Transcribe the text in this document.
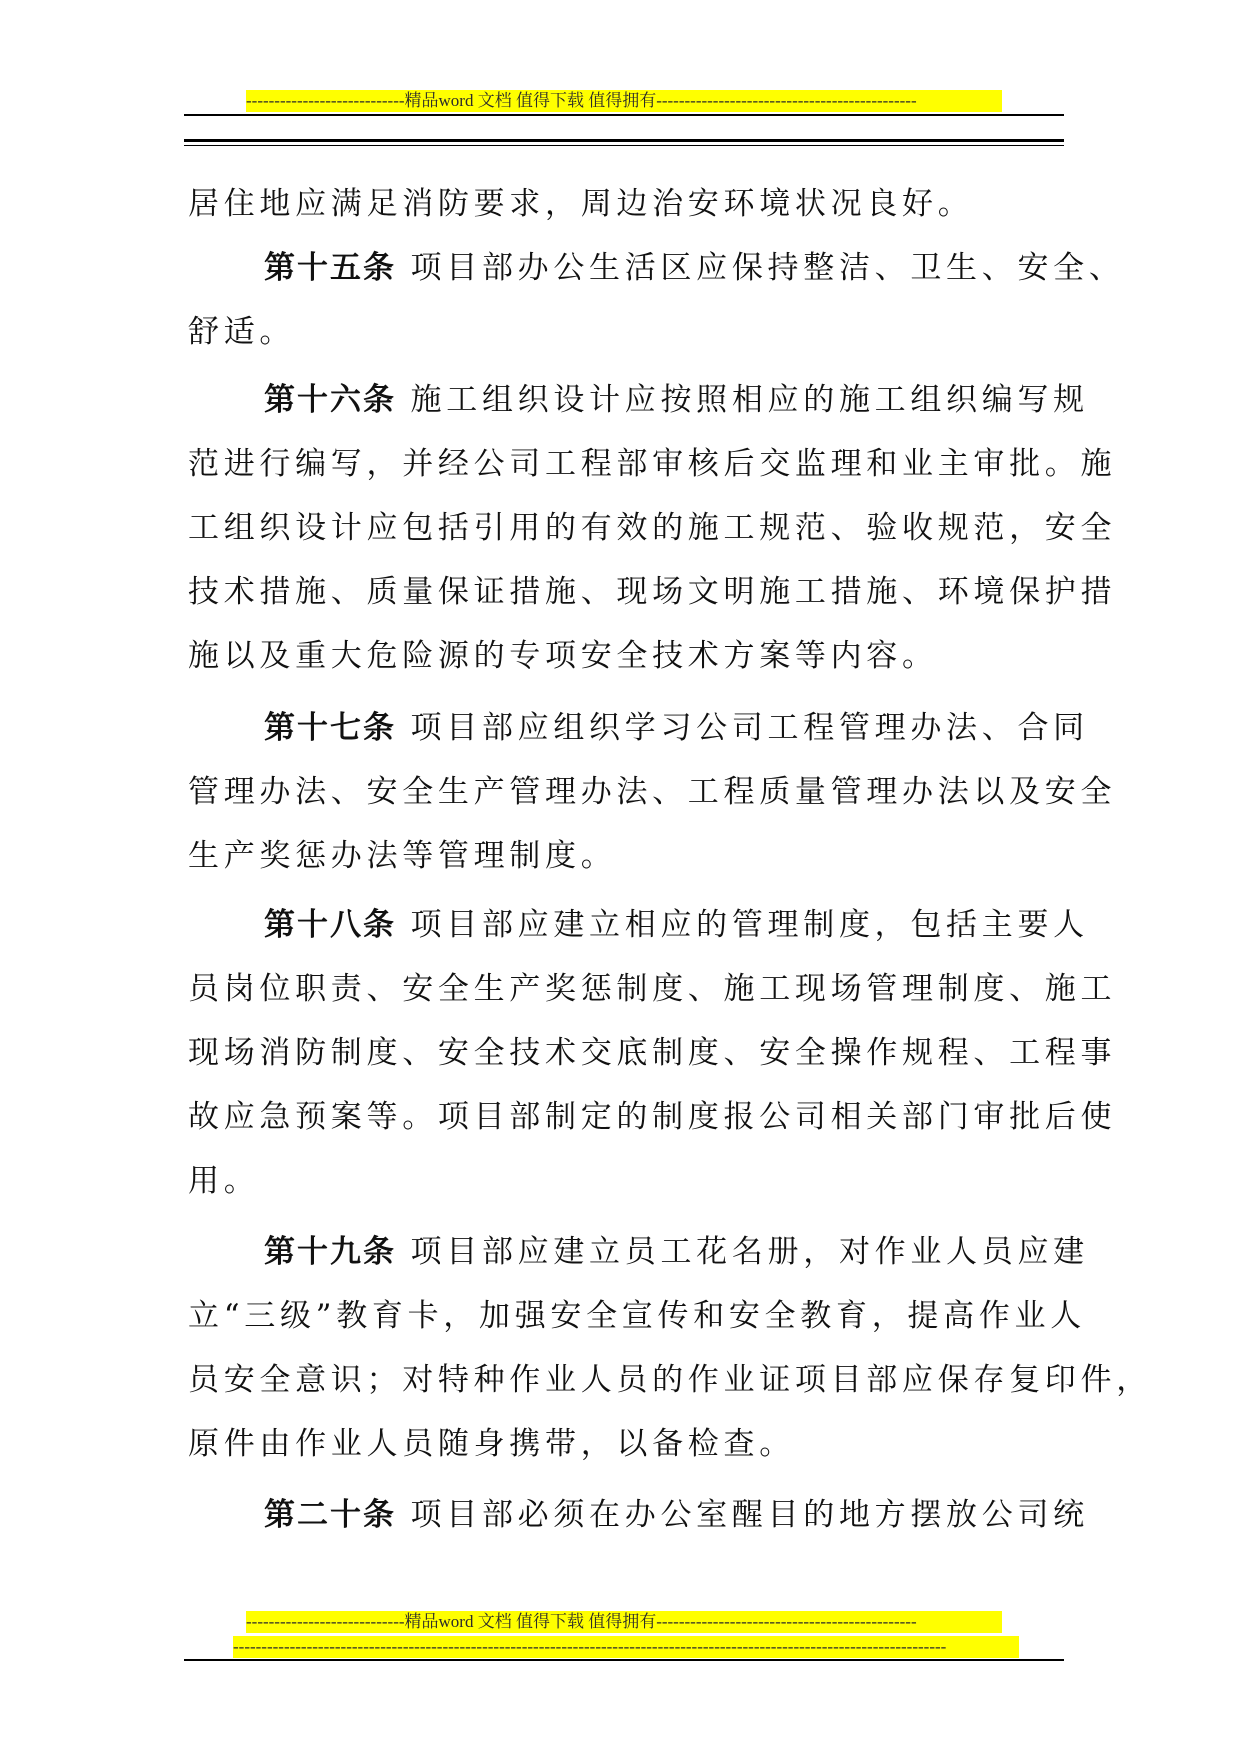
----------------------------精品word 文档 值得下载 值得拥有----------------------------------------------
居住地应满足消防要求，周边治安环境状况良好。
第十五条 项目部办公生活区应保持整洁、卫生、安全、
舒适。
第十六条 施工组织设计应按照相应的施工组织编写规
范进行编写，并经公司工程部审核后交监理和业主审批。施
工组织设计应包括引用的有效的施工规范、验收规范，安全
技术措施、质量保证措施、现场文明施工措施、环境保护措
施以及重大危险源的专项安全技术方案等内容。
第十七条 项目部应组织学习公司工程管理办法、合同
管理办法、安全生产管理办法、工程质量管理办法以及安全
生产奖惩办法等管理制度。
第十八条 项目部应建立相应的管理制度，包括主要人
员岗位职责、安全生产奖惩制度、施工现场管理制度、施工
现场消防制度、安全技术交底制度、安全操作规程、工程事
故应急预案等。项目部制定的制度报公司相关部门审批后使
用。
第十九条 项目部应建立员工花名册，对作业人员应建
立“三级”教育卡，加强安全宣传和安全教育，提高作业人
员安全意识；对特种作业人员的作业证项目部应保存复印件，
原件由作业人员随身携带，以备检查。
第二十条 项目部必须在办公室醒目的地方摆放公司统
----------------------------精品word 文档 值得下载 值得拥有----------------------------------------------
------------------------------------------------------------------------------------------------------------------------------
